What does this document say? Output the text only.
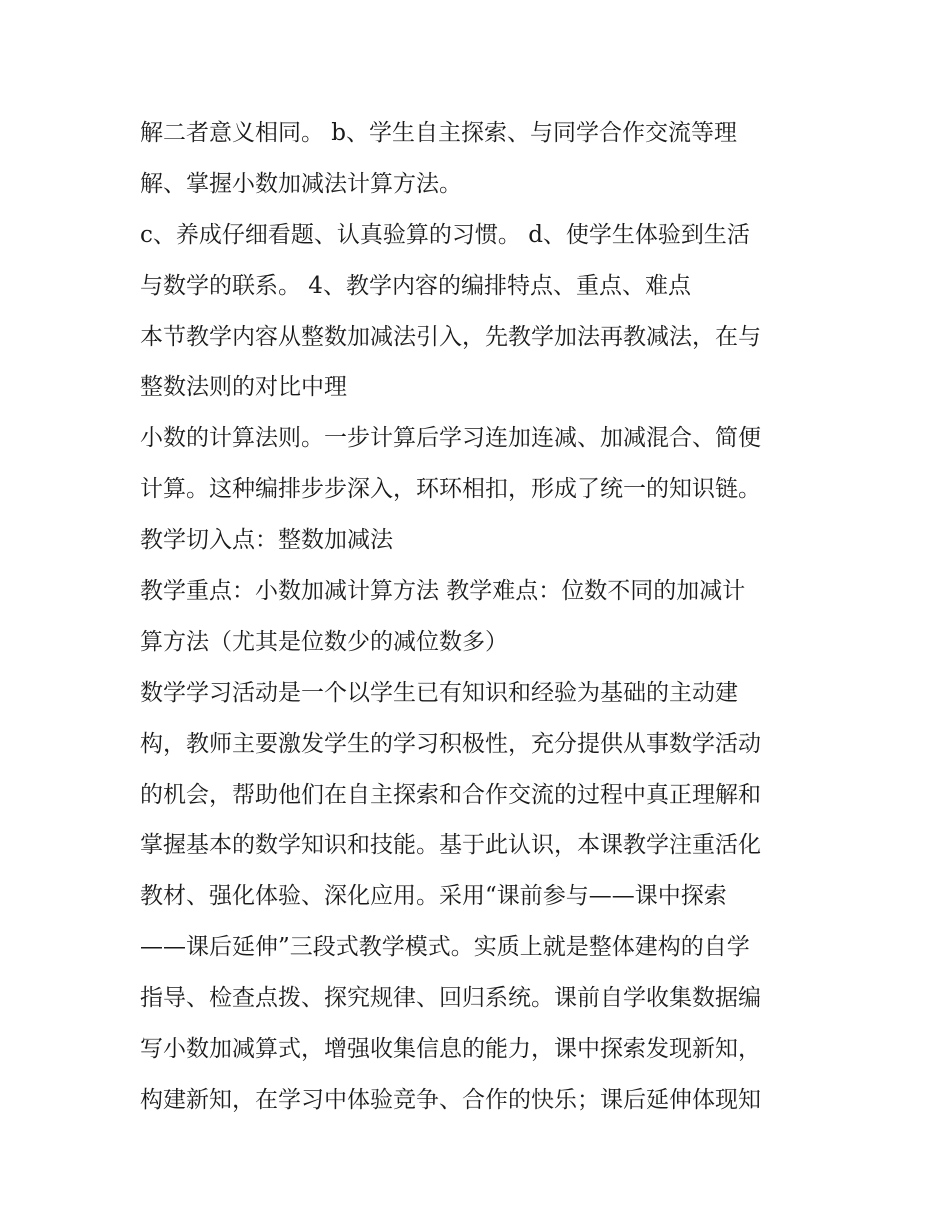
解二者意义相同。 b、学生自主探索、与同学合作交流等理
解、掌握小数加减法计算方法。
c、养成仔细看题、认真验算的习惯。 d、使学生体验到生活
与数学的联系。 4、教学内容的编排特点、重点、难点
本节教学内容从整数加减法引入，先教学加法再教减法，在与
整数法则的对比中理
小数的计算法则。一步计算后学习连加连减、加减混合、简便
计算。这种编排步步深入，环环相扣，形成了统一的知识链。
教学切入点：整数加减法
教学重点：小数加减计算方法 教学难点：位数不同的加减计
算方法（尤其是位数少的减位数多）
数学学习活动是一个以学生已有知识和经验为基础的主动建
构，教师主要激发学生的学习积极性，充分提供从事数学活动
的机会，帮助他们在自主探索和合作交流的过程中真正理解和
掌握基本的数学知识和技能。基于此认识，本课教学注重活化
教材、强化体验、深化应用。采用“课前参与——课中探索
——课后延伸”三段式教学模式。实质上就是整体建构的自学
指导、检查点拨、探究规律、回归系统。课前自学收集数据编
写小数加减算式，增强收集信息的能力，课中探索发现新知，
构建新知，在学习中体验竞争、合作的快乐；课后延伸体现知
